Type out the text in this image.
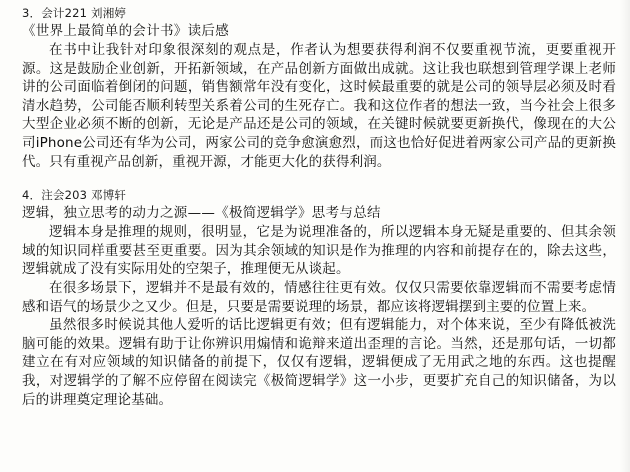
3．会计221 刘湘婷
《世界上最简单的会计书》读后感

在书中让我针对印象很深刻的观点是，作者认为想要获得利润不仅要重视节流，更要重视开源。这是鼓励企业创新，开拓新领域，在产品创新方面做出成就。这让我也联想到管理学课上老师讲的公司面临着倒闭的问题，销售额常年没有变化，这时候最重要的就是公司的领导层必须及时看清水趋势，公司能否顺利转型关系着公司的生死存亡。我和这位作者的想法一致，当今社会上很多大型企业必须不断的创新，无论是产品还是公司的领域，在关键时候就要更新换代，像现在的大公司iPhone公司还有华为公司，两家公司的竞争愈演愈烈，而这也恰好促进着两家公司产品的更新换代。只有重视产品创新，重视开源，才能更大化的获得利润。

4．注会203 邓博轩
逻辑，独立思考的动力之源——《极简逻辑学》思考与总结

逻辑本身是推理的规则，很明显，它是为说理准备的，所以逻辑本身无疑是重要的、但其余领域的知识同样重要甚至更重要。因为其余领域的知识是作为推理的内容和前提存在的，除去这些，逻辑就成了没有实际用处的空架子，推理便无从谈起。

在很多场景下，逻辑并不是最有效的，情感往往更有效。仅仅只需要依靠逻辑而不需要考虑情感和语气的场景少之又少。但是，只要是需要说理的场景，都应该将逻辑摆到主要的位置上来。

虽然很多时候说其他人爱听的话比逻辑更有效；但有逻辑能力，对个体来说，至少有降低被洗脑可能的效果。逻辑有助于让你辨识用煽情和诡辩来道出歪理的言论。当然，还是那句话，一切都建立在有对应领域的知识储备的前提下，仅仅有逻辑，逻辑便成了无用武之地的东西。这也提醒我，对逻辑学的了解不应停留在阅读完《极简逻辑学》这一小步，更要扩充自己的知识储备，为以后的讲理奠定理论基础。
